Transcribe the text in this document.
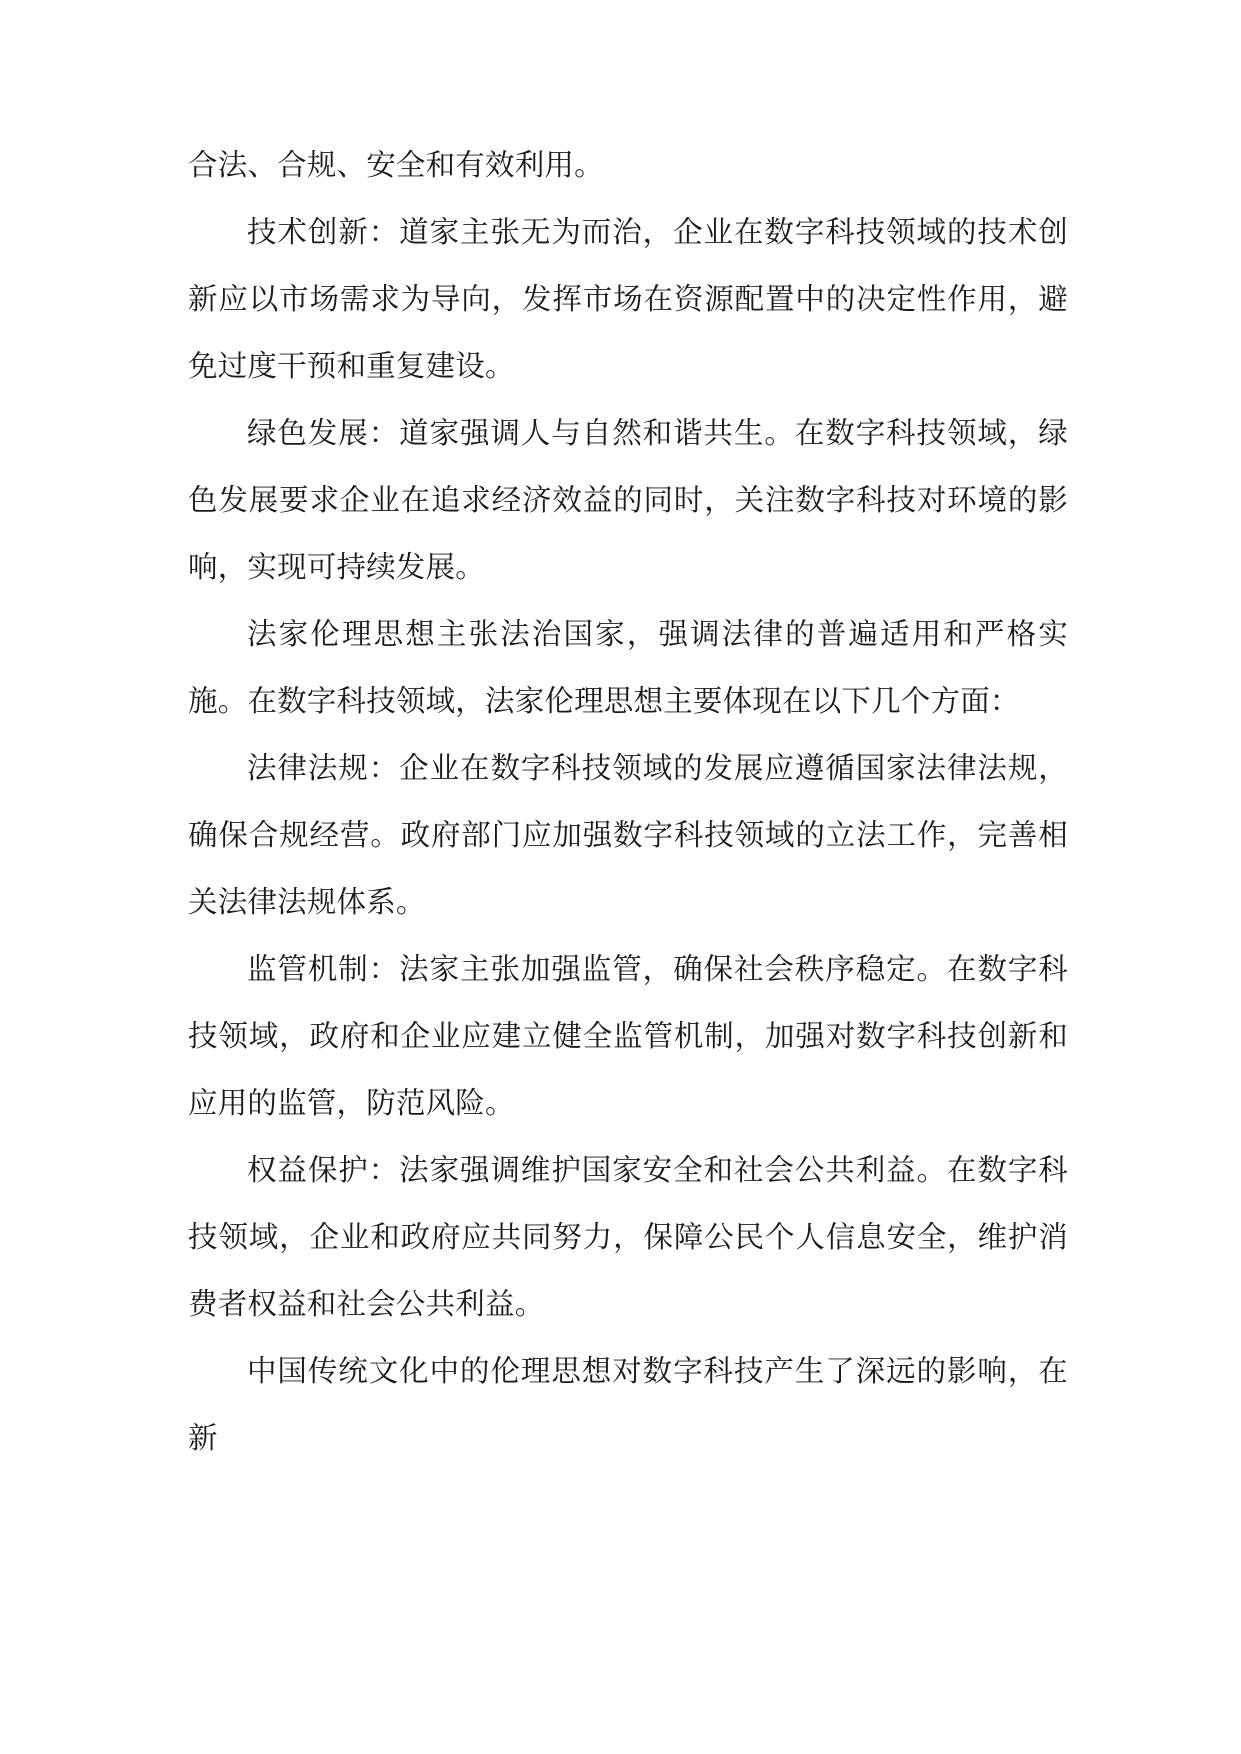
合法、合规、安全和有效利用。

技术创新：道家主张无为而治，企业在数字科技领域的技术创新应以市场需求为导向，发挥市场在资源配置中的决定性作用，避免过度干预和重复建设。

绿色发展：道家强调人与自然和谐共生。在数字科技领域，绿色发展要求企业在追求经济效益的同时，关注数字科技对环境的影响，实现可持续发展。

法家伦理思想主张法治国家，强调法律的普遍适用和严格实施。在数字科技领域，法家伦理思想主要体现在以下几个方面：

法律法规：企业在数字科技领域的发展应遵循国家法律法规，确保合规经营。政府部门应加强数字科技领域的立法工作，完善相关法律法规体系。

监管机制：法家主张加强监管，确保社会秩序稳定。在数字科技领域，政府和企业应建立健全监管机制，加强对数字科技创新和应用的监管，防范风险。

权益保护：法家强调维护国家安全和社会公共利益。在数字科技领域，企业和政府应共同努力，保障公民个人信息安全，维护消费者权益和社会公共利益。

中国传统文化中的伦理思想对数字科技产生了深远的影响，在新
